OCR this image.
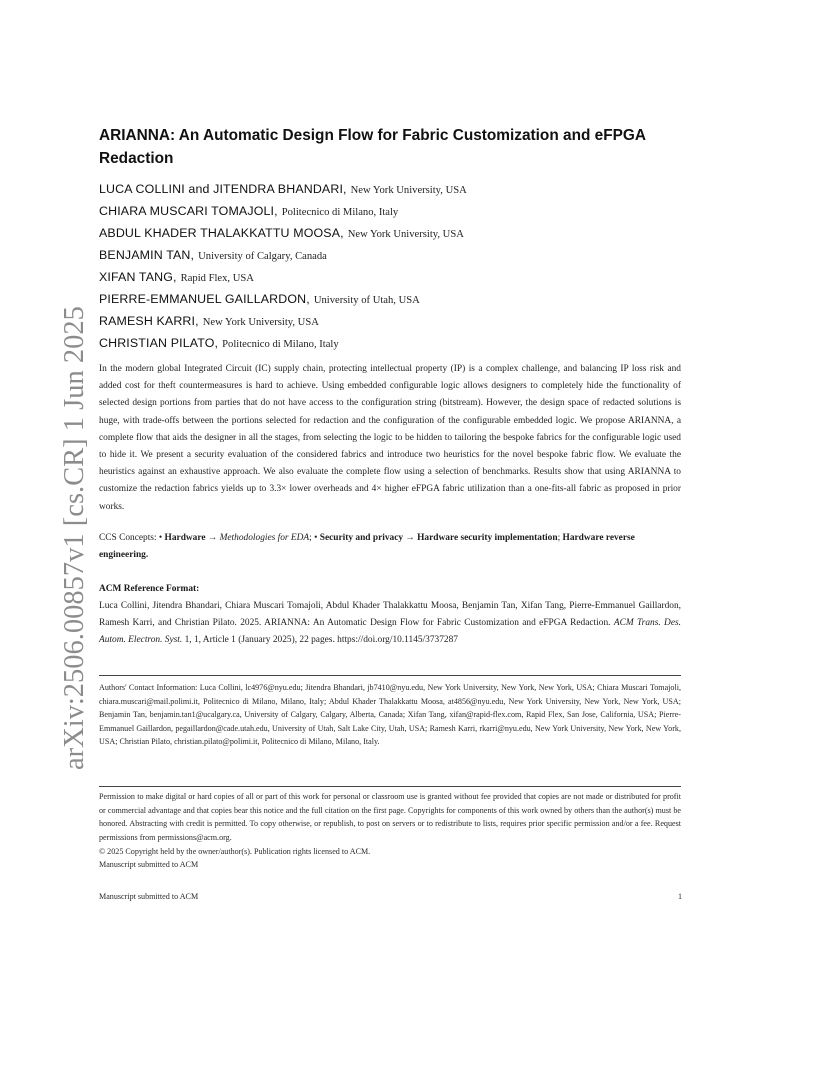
arXiv:2506.00857v1 [cs.CR] 1 Jun 2025
ARIANNA: An Automatic Design Flow for Fabric Customization and eFPGA Redaction
LUCA COLLINI and JITENDRA BHANDARI, New York University, USA
CHIARA MUSCARI TOMAJOLI, Politecnico di Milano, Italy
ABDUL KHADER THALAKKATTU MOOSA, New York University, USA
BENJAMIN TAN, University of Calgary, Canada
XIFAN TANG, Rapid Flex, USA
PIERRE-EMMANUEL GAILLARDON, University of Utah, USA
RAMESH KARRI, New York University, USA
CHRISTIAN PILATO, Politecnico di Milano, Italy
In the modern global Integrated Circuit (IC) supply chain, protecting intellectual property (IP) is a complex challenge, and balancing IP loss risk and added cost for theft countermeasures is hard to achieve. Using embedded configurable logic allows designers to completely hide the functionality of selected design portions from parties that do not have access to the configuration string (bitstream). However, the design space of redacted solutions is huge, with trade-offs between the portions selected for redaction and the configuration of the configurable embedded logic. We propose ARIANNA, a complete flow that aids the designer in all the stages, from selecting the logic to be hidden to tailoring the bespoke fabrics for the configurable logic used to hide it. We present a security evaluation of the considered fabrics and introduce two heuristics for the novel bespoke fabric flow. We evaluate the heuristics against an exhaustive approach. We also evaluate the complete flow using a selection of benchmarks. Results show that using ARIANNA to customize the redaction fabrics yields up to 3.3× lower overheads and 4× higher eFPGA fabric utilization than a one-fits-all fabric as proposed in prior works.
CCS Concepts: • Hardware → Methodologies for EDA; • Security and privacy → Hardware security implementation; Hardware reverse engineering.
ACM Reference Format:
Luca Collini, Jitendra Bhandari, Chiara Muscari Tomajoli, Abdul Khader Thalakkattu Moosa, Benjamin Tan, Xifan Tang, Pierre-Emmanuel Gaillardon, Ramesh Karri, and Christian Pilato. 2025. ARIANNA: An Automatic Design Flow for Fabric Customization and eFPGA Redaction. ACM Trans. Des. Autom. Electron. Syst. 1, 1, Article 1 (January 2025), 22 pages. https://doi.org/10.1145/3737287
Authors' Contact Information: Luca Collini, lc4976@nyu.edu; Jitendra Bhandari, jb7410@nyu.edu, New York University, New York, New York, USA; Chiara Muscari Tomajoli, chiara.muscari@mail.polimi.it, Politecnico di Milano, Milano, Italy; Abdul Khader Thalakkattu Moosa, at4856@nyu.edu, New York University, New York, New York, USA; Benjamin Tan, benjamin.tan1@ucalgary.ca, University of Calgary, Calgary, Alberta, Canada; Xifan Tang, xifan@rapid-flex.com, Rapid Flex, San Jose, California, USA; Pierre-Emmanuel Gaillardon, pegaillardon@cade.utah.edu, University of Utah, Salt Lake City, Utah, USA; Ramesh Karri, rkarri@nyu.edu, New York University, New York, New York, USA; Christian Pilato, christian.pilato@polimi.it, Politecnico di Milano, Milano, Italy.
Permission to make digital or hard copies of all or part of this work for personal or classroom use is granted without fee provided that copies are not made or distributed for profit or commercial advantage and that copies bear this notice and the full citation on the first page. Copyrights for components of this work owned by others than the author(s) must be honored. Abstracting with credit is permitted. To copy otherwise, or republish, to post on servers or to redistribute to lists, requires prior specific permission and/or a fee. Request permissions from permissions@acm.org.
© 2025 Copyright held by the owner/author(s). Publication rights licensed to ACM.
Manuscript submitted to ACM
Manuscript submitted to ACM	1
